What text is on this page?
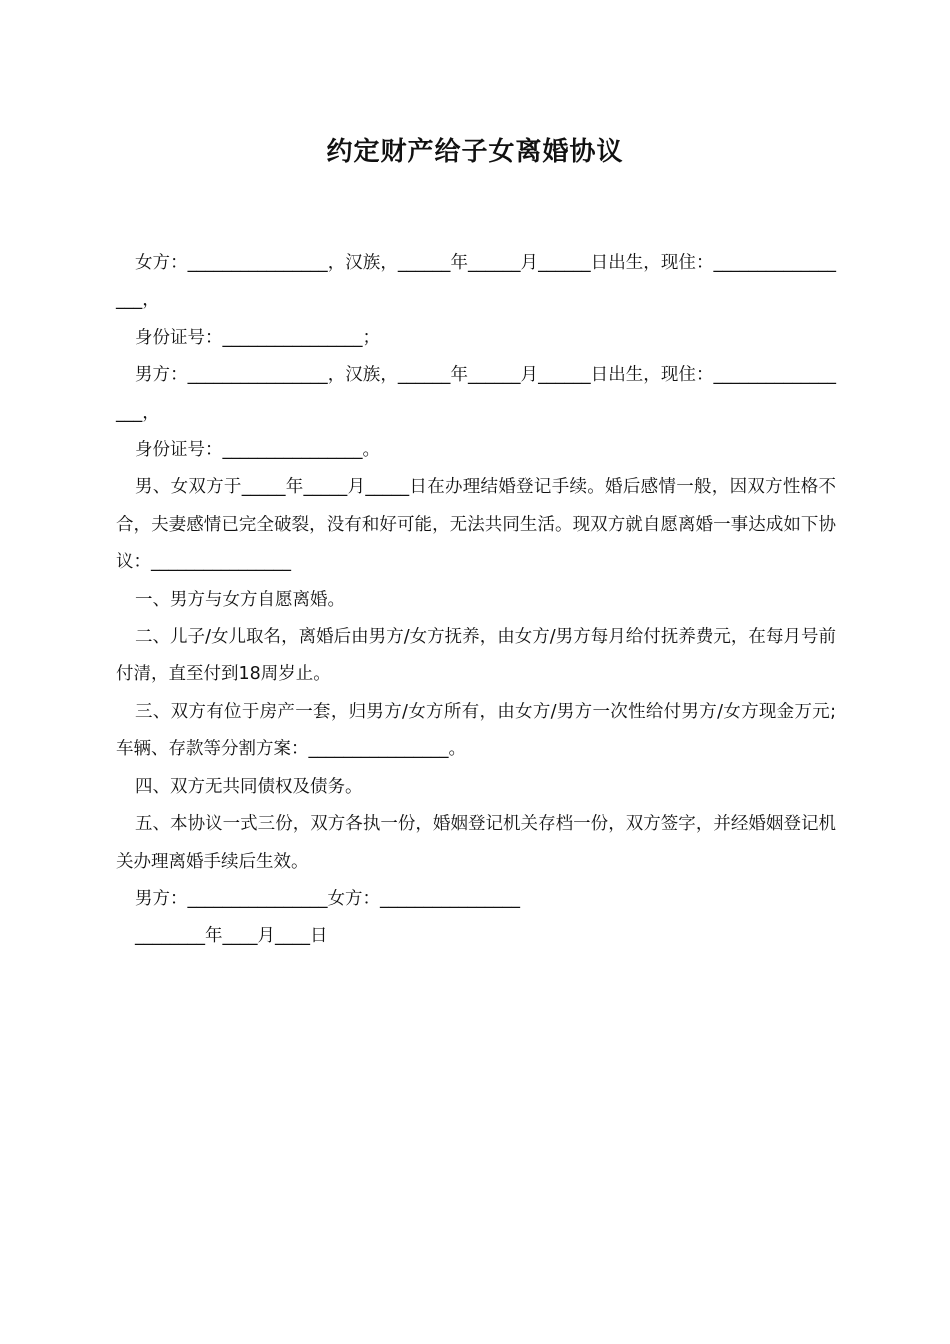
约定财产给子女离婚协议

女方：________________，汉族，______年______月______日出生，现住：_________________，

身份证号：________________；

男方：________________，汉族，______年______月______日出生，现住：_________________，

身份证号：________________。

男、女双方于_____年_____月_____日在办理结婚登记手续。婚后感情一般，因双方性格不合，夫妻感情已完全破裂，没有和好可能，无法共同生活。现双方就自愿离婚一事达成如下协议：________________

一、男方与女方自愿离婚。

二、儿子/女儿取名，离婚后由男方/女方抚养，由女方/男方每月给付抚养费元，在每月号前付清，直至付到18周岁止。

三、双方有位于房产一套，归男方/女方所有，由女方/男方一次性给付男方/女方现金万元;车辆、存款等分割方案：________________。

四、双方无共同债权及债务。

五、本协议一式三份，双方各执一份，婚姻登记机关存档一份，双方签字，并经婚姻登记机关办理离婚手续后生效。

男方：________________女方：________________

________年____月____日
